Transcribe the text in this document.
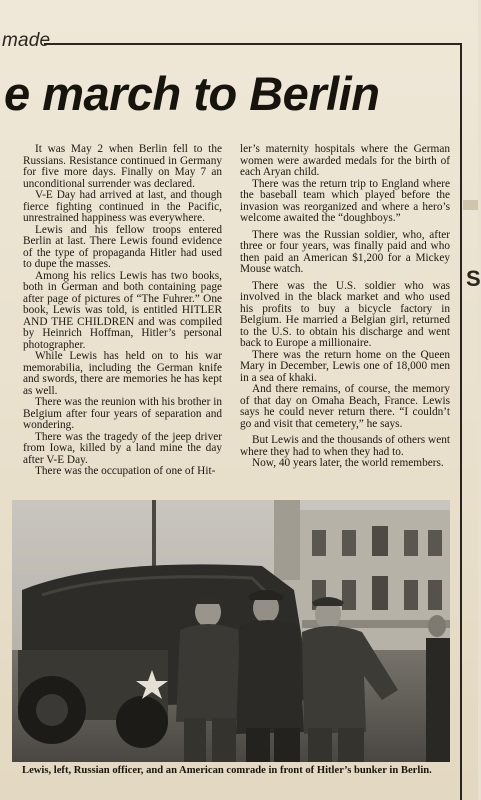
made
e march to Berlin

It was May 2 when Berlin fell to the Russians. Resistance continued in Germany for five more days. Finally on May 7 an unconditional surrender was declared.

V-E Day had arrived at last, and though fierce fighting continued in the Pacific, unrestrained happiness was everywhere.

Lewis and his fellow troops entered Berlin at last. There Lewis found evidence of the type of propaganda Hitler had used to dupe the masses.

Among his relics Lewis has two books, both in German and both containing page after page of pictures of “The Fuhrer.” One book, Lewis was told, is entitled HITLER AND THE CHILDREN and was compiled by Heinrich Hoffman, Hitler’s personal photographer.

While Lewis has held on to his war memorabilia, including the German knife and swords, there are memories he has kept as well.

There was the reunion with his brother in Belgium after four years of separation and wondering.

There was the tragedy of the jeep driver from Iowa, killed by a land mine the day after V-E Day.

There was the occupation of one of Hit-

ler’s maternity hospitals where the German women were awarded medals for the birth of each Aryan child.

There was the return trip to England where the baseball team which played before the invasion was reorganized and where a hero’s welcome awaited the “doughboys.”

There was the Russian soldier, who, after three or four years, was finally paid and who then paid an American $1,200 for a Mickey Mouse watch.

There was the U.S. soldier who was involved in the black market and who used his profits to buy a bicycle factory in Belgium. He married a Belgian girl, returned to the U.S. to obtain his discharge and went back to Europe a millionaire.

There was the return home on the Queen Mary in December, Lewis one of 18,000 men in a sea of khaki.

And there remains, of course, the memory of that day on Omaha Beach, France. Lewis says he could never return there. “I couldn’t go and visit that cemetery,” he says.

But Lewis and the thousands of others went where they had to when they had to.

Now, 40 years later, the world remembers.

Lewis, left, Russian officer, and an American comrade in front of Hitler’s bunker in Berlin.
S
